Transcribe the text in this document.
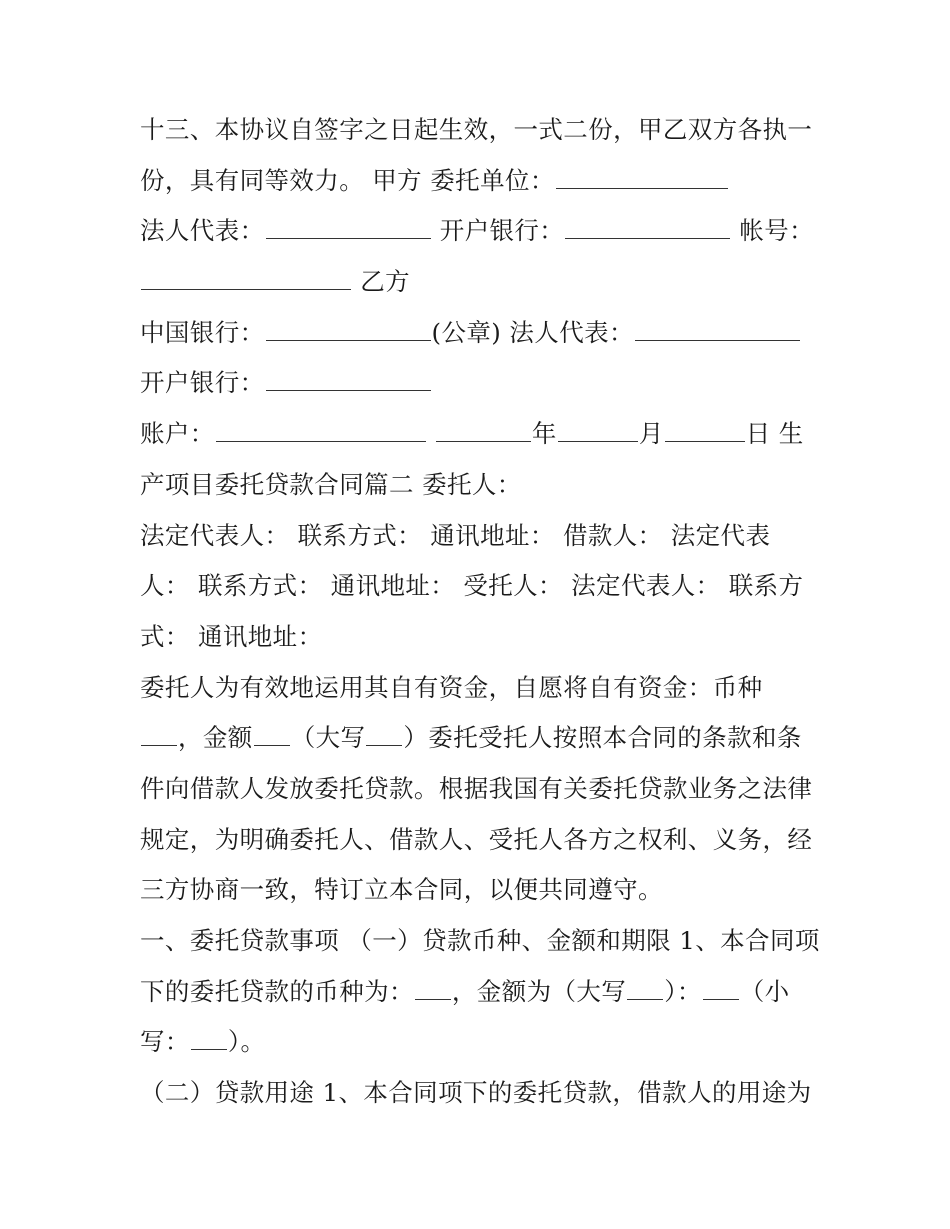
十三、本协议自签字之日起生效，一式二份，甲乙双方各执一
份，具有同等效力。 甲方 委托单位：
法人代表：	开户银行：	帐号：
乙方
中国银行：	(公章) 法人代表：
开户银行：
账户：	年	月	日 生
产项目委托贷款合同篇二 委托人：
法定代表人： 联系方式： 通讯地址： 借款人： 法定代表
人： 联系方式： 通讯地址： 受托人： 法定代表人： 联系方
式： 通讯地址：
委托人为有效地运用其自有资金，自愿将自有资金：币种
，金额 （大写 ）委托受托人按照本合同的条款和条
件向借款人发放委托贷款。根据我国有关委托贷款业务之法律
规定，为明确委托人、借款人、受托人各方之权利、义务，经
三方协商一致，特订立本合同，以便共同遵守。
一、委托贷款事项 （一）贷款币种、金额和期限 1、本合同项
下的委托贷款的币种为： ，金额为（大写 ）： （小
写： ）。
（二）贷款用途 1、本合同项下的委托贷款，借款人的用途为
